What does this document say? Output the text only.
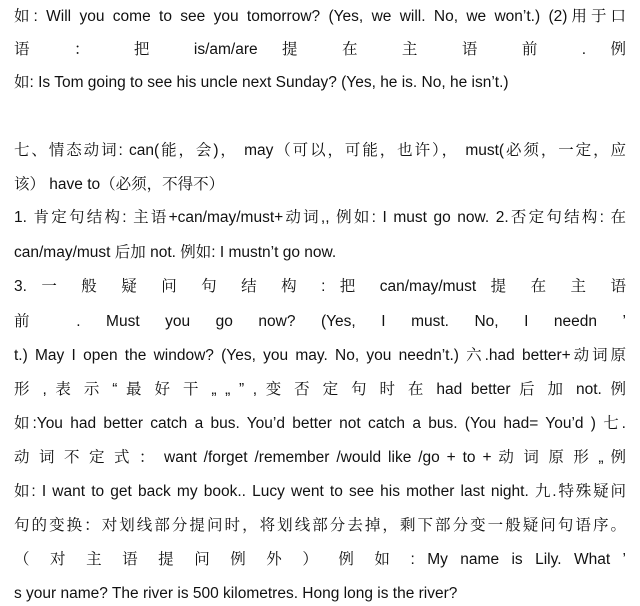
如: Will you come to see you tomorrow? (Yes, we will. No, we won’t.) (2)用于口
语 ： 把 is/am/are 提 在 主 语 前 . 例
如: Is Tom going to see his uncle next Sunday? (Yes, he is. No, he isn’t.)
七、情态动词: can(能，会)， may（可以，可能，也许）， must(必须，一定，应
该） have to（必须，不得不）
1. 肯定句结构: 主语+can/may/must+动词,, 例如: I must go now. 2.否定句结构: 在
can/may/must 后加 not. 例如: I mustn’t go now.
3. 一 般 疑 问 句 结 构 : 把 can/may/must 提 在 主 语
前 . Must you go now? (Yes, I must. No, I needn ’
t.) May I open the window? (Yes, you may. No, you needn’t.) 六.had better+动词原
形 , 表 示 “ 最 好 干 „ „ ” , 变 否 定 句 时 在 had better 后 加 not. 例
如:You had better catch a bus. You’d better not catch a bus. (You had= You’d ) 七.
动 词 不 定 式 ： want /forget /remember /would like /go + to + 动 词 原 形 „ 例
如: I want to get back my book.. Lucy went to see his mother last night. 九.特殊疑问
句的变换：对划线部分提问时，将划线部分去掉，剩下部分变一般疑问句语序。
（ 对 主 语 提 问 例 外 ） 例 如 : My name is Lily. What ’
s your name? The river is 500 kilometres. Hong long is the river?
